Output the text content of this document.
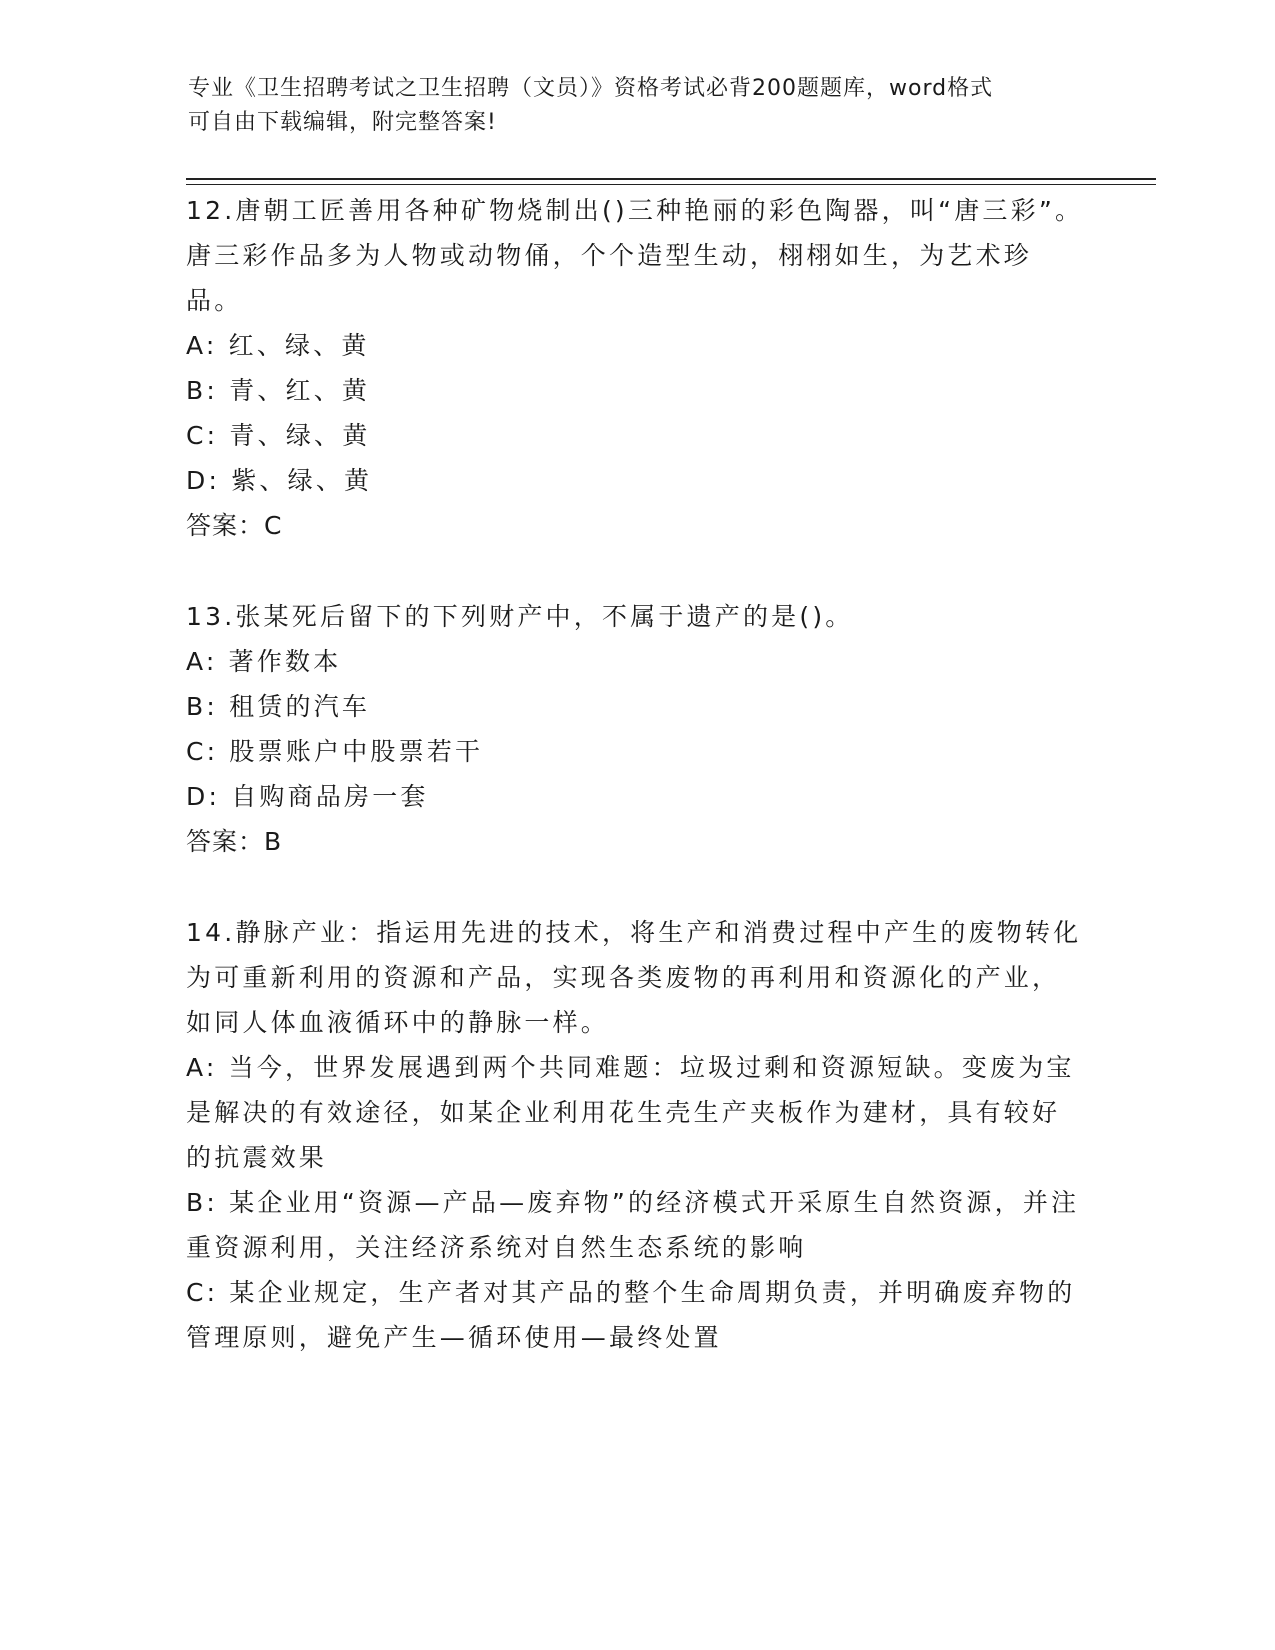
专业《卫生招聘考试之卫生招聘（文员）》资格考试必背200题题库，word格式
可自由下载编辑，附完整答案!

12.唐朝工匠善用各种矿物烧制出()三种艳丽的彩色陶器，叫“唐三彩”。唐三彩作品多为人物或动物俑，个个造型生动，栩栩如生，为艺术珍品。

A: 红、绿、黄

B: 青、红、黄

C: 青、绿、黄

D: 紫、绿、黄

答案：C

13.张某死后留下的下列财产中，不属于遗产的是()。

A: 著作数本

B: 租赁的汽车

C: 股票账户中股票若干

D: 自购商品房一套

答案：B

14.静脉产业：指运用先进的技术，将生产和消费过程中产生的废物转化为可重新利用的资源和产品，实现各类废物的再利用和资源化的产业，如同人体血液循环中的静脉一样。

A: 当今，世界发展遇到两个共同难题：垃圾过剩和资源短缺。变废为宝是解决的有效途径，如某企业利用花生壳生产夹板作为建材，具有较好的抗震效果

B: 某企业用“资源—产品—废弃物”的经济模式开采原生自然资源，并注重资源利用，关注经济系统对自然生态系统的影响

C: 某企业规定，生产者对其产品的整个生命周期负责，并明确废弃物的管理原则，避免产生—循环使用—最终处置
